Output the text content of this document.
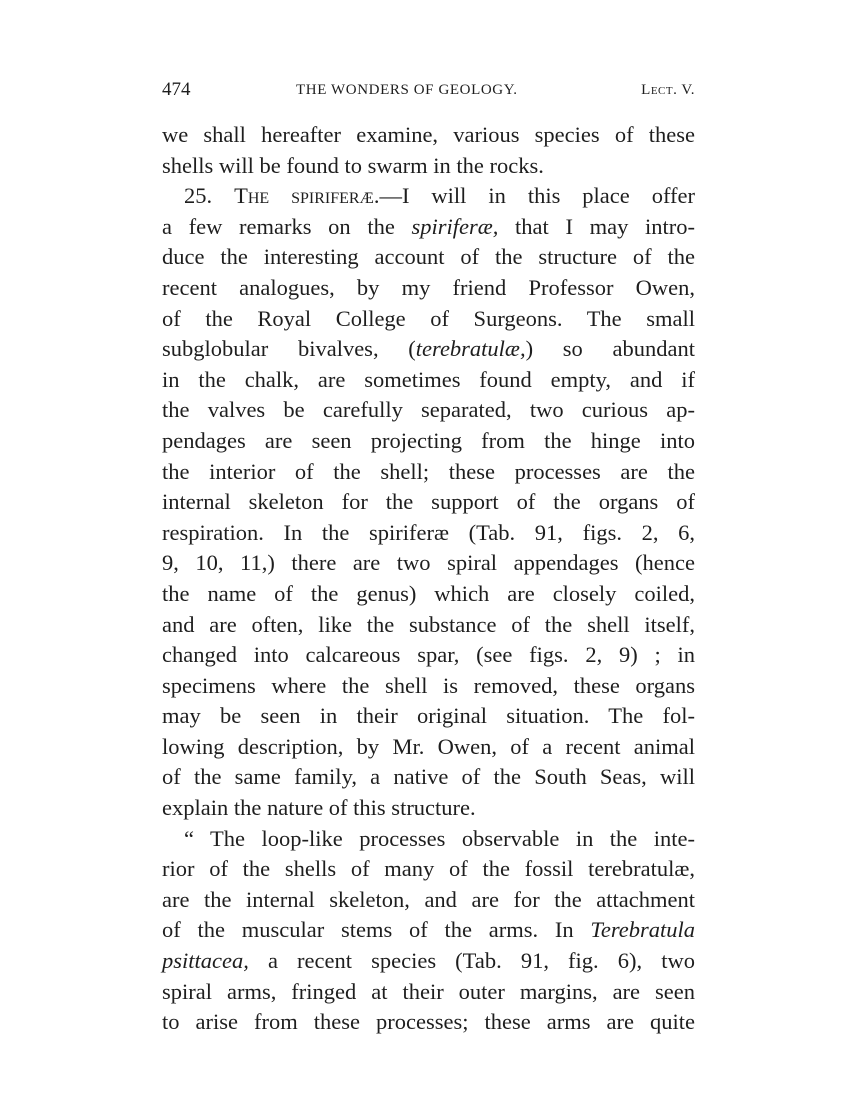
474	THE WONDERS OF GEOLOGY.	Lect. V.
we shall hereafter examine, various species of these
shells will be found to swarm in the rocks.
25. The spiriferæ.—I will in this place offer
a few remarks on the spiriferæ, that I may intro-
duce the interesting account of the structure of the
recent analogues, by my friend Professor Owen,
of the Royal College of Surgeons. The small
subglobular bivalves, (terebratulæ,) so abundant
in the chalk, are sometimes found empty, and if
the valves be carefully separated, two curious ap-
pendages are seen projecting from the hinge into
the interior of the shell; these processes are the
internal skeleton for the support of the organs of
respiration. In the spiriferæ (Tab. 91, figs. 2, 6,
9, 10, 11,) there are two spiral appendages (hence
the name of the genus) which are closely coiled,
and are often, like the substance of the shell itself,
changed into calcareous spar, (see figs. 2, 9) ; in
specimens where the shell is removed, these organs
may be seen in their original situation. The fol-
lowing description, by Mr. Owen, of a recent animal
of the same family, a native of the South Seas, will
explain the nature of this structure.
“ The loop-like processes observable in the inte-
rior of the shells of many of the fossil terebratulæ,
are the internal skeleton, and are for the attachment
of the muscular stems of the arms. In Terebratula
psittacea, a recent species (Tab. 91, fig. 6), two
spiral arms, fringed at their outer margins, are seen
to arise from these processes; these arms are quite
